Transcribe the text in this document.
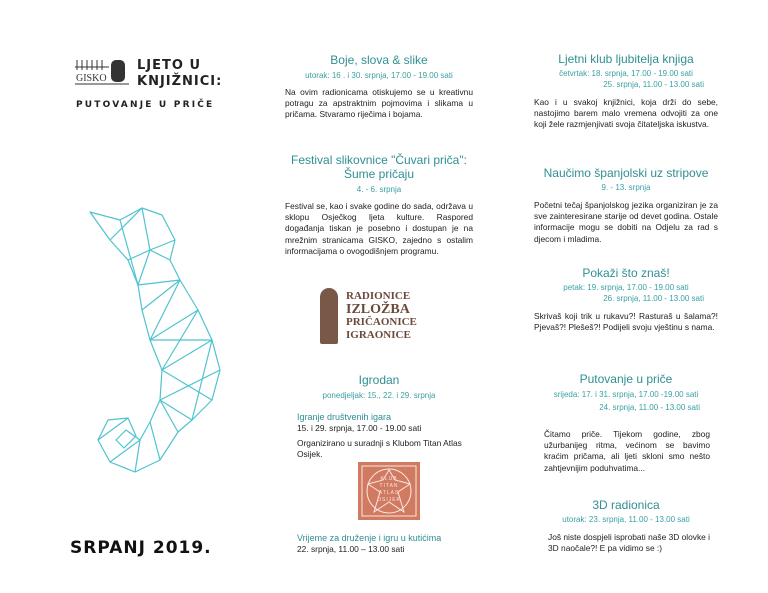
GISKO
LJETO U
KNJIŽNICI:
PUTOVANJE U PRIČE
SRPANJ 2019.
Boje, slova & slike
utorak: 16 . i 30. srpnja, 17.00 - 19.00 sati
Na ovim radionicama otiskujemo se u kreativnu potragu za apstraktnim pojmovima i slikama u pričama. Stvaramo riječima i bojama.
Festival slikovnice "Čuvari priča": Šume pričaju
4. - 6. srpnja
Festival se, kao i svake godine do sada, održava u sklopu Osječkog ljeta kulture. Raspored događanja tiskan je posebno i dostupan je na mrežnim stranicama GISKO, zajedno s ostalim informacijama o ovogodišnjem programu.
RADIONICE
IZLOŽBA
PRIČAONICE
IGRAONICE
Igrodan
ponedjeljak: 15., 22. i 29. srpnja
Igranje društvenih igara
15. i 29. srpnja, 17.00 - 19.00 sati
Organizirano u suradnji s Klubom Titan Atlas Osijek.
KLUB
TITAN
ATLAS
OSIJEK
Vrijeme za druženje i igru u kutićima
22. srpnja, 11.00 – 13.00 sati
Ljetni klub ljubitelja knjiga
četvrtak: 18. srpnja, 17.00 - 19.00 sati
25. srpnja, 11.00 - 13.00 sati
Kao i u svakoj knjižnici, koja drži do sebe, nastojimo barem malo vremena odvojiti za one koji žele razmjenjivati svoja čitateljska iskustva.
Naučimo španjolski uz stripove
9. - 13. srpnja
Početni tečaj španjolskog jezika organiziran je za sve zainteresirane starije od devet godina. Ostale informacije mogu se dobiti na Odjelu za rad s djecom i mladima.
Pokaži što znaš!
petak: 19. srpnja, 17.00 - 19.00 sati
26. srpnja, 11.00 - 13.00 sati
Skrivaš koji trik u rukavu?! Rasturaš u šalama?! Pjevaš?! Plešeš?! Podijeli svoju vještinu s nama.
Putovanje u priče
srijeda: 17. i 31. srpnja, 17.00 -19.00 sati
24. srpnja, 11.00 - 13.00 sati
Čitamo priče. Tijekom godine, zbog užurbanijeg ritma, većinom se bavimo kraćim pričama, ali ljeti skloni smo nešto zahtjevnijim poduhvatima...
3D radionica
utorak: 23. srpnja, 11.00 - 13.00 sati
Još niste dospjeli isprobati naše 3D olovke i 3D naočale?! E pa vidimo se :)
